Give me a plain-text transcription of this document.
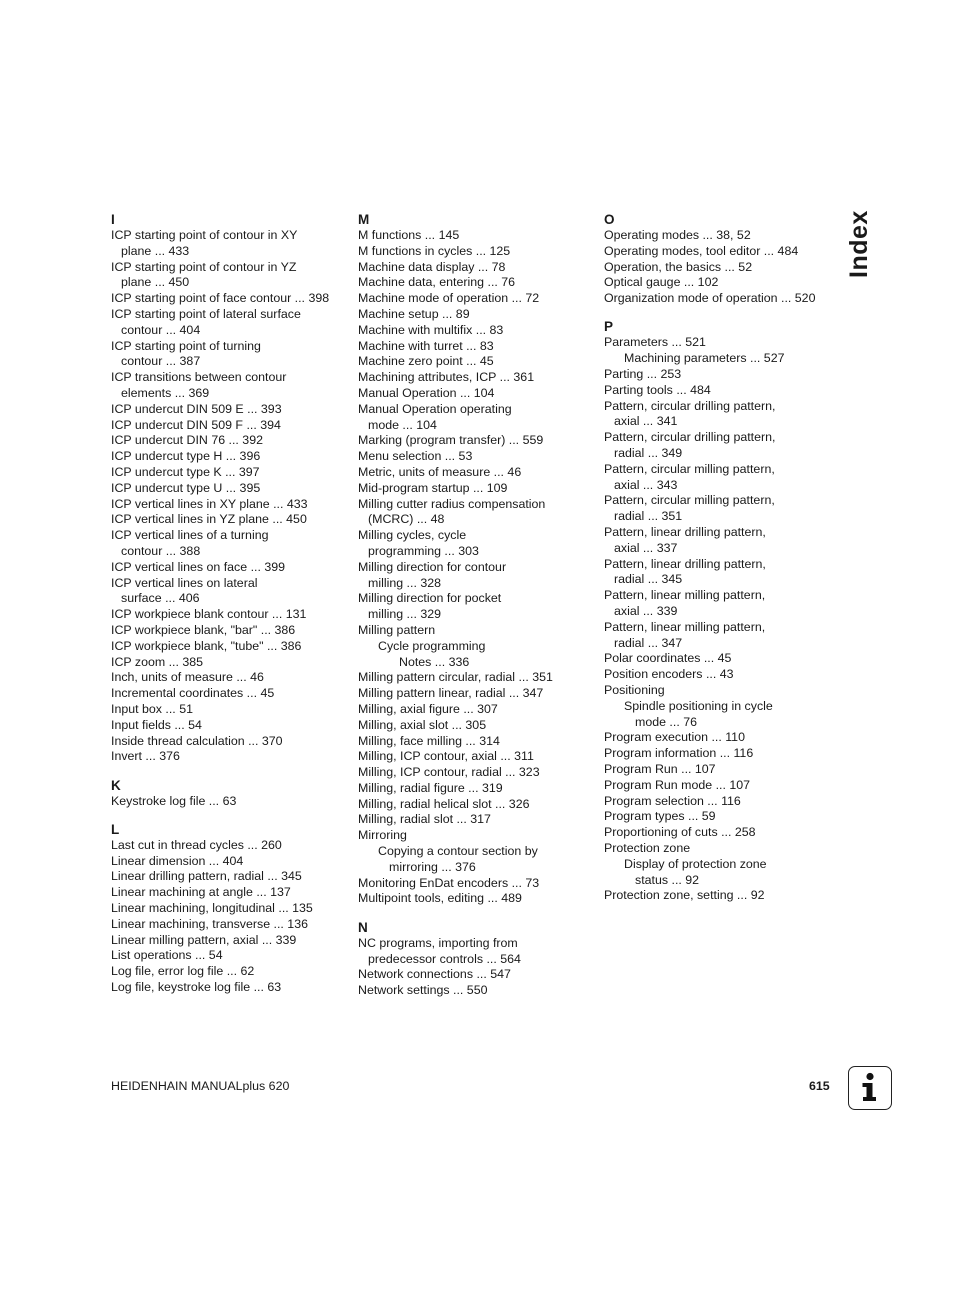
I
ICP starting point of contour in XY
plane ... 433
ICP starting point of contour in YZ
plane ... 450
ICP starting point of face contour ... 398
ICP starting point of lateral surface
contour ... 404
ICP starting point of turning
contour ... 387
ICP transitions between contour
elements ... 369
ICP undercut DIN 509 E ... 393
ICP undercut DIN 509 F ... 394
ICP undercut DIN 76 ... 392
ICP undercut type H ... 396
ICP undercut type K ... 397
ICP undercut type U ... 395
ICP vertical lines in XY plane ... 433
ICP vertical lines in YZ plane ... 450
ICP vertical lines of a turning
contour ... 388
ICP vertical lines on face ... 399
ICP vertical lines on lateral
surface ... 406
ICP workpiece blank contour ... 131
ICP workpiece blank, "bar" ... 386
ICP workpiece blank, "tube" ... 386
ICP zoom ... 385
Inch, units of measure ... 46
Incremental coordinates ... 45
Input box ... 51
Input fields ... 54
Inside thread calculation ... 370
Invert ... 376
K
Keystroke log file ... 63
L
Last cut in thread cycles ... 260
Linear dimension ... 404
Linear drilling pattern, radial ... 345
Linear machining at angle ... 137
Linear machining, longitudinal ... 135
Linear machining, transverse ... 136
Linear milling pattern, axial ... 339
List operations ... 54
Log file, error log file ... 62
Log file, keystroke log file ... 63
M
M functions ... 145
M functions in cycles ... 125
Machine data display ... 78
Machine data, entering ... 76
Machine mode of operation ... 72
Machine setup ... 89
Machine with multifix ... 83
Machine with turret ... 83
Machine zero point ... 45
Machining attributes, ICP ... 361
Manual Operation ... 104
Manual Operation operating
mode ... 104
Marking (program transfer) ... 559
Menu selection ... 53
Metric, units of measure ... 46
Mid-program startup ... 109
Milling cutter radius compensation
(MCRC) ... 48
Milling cycles, cycle
programming ... 303
Milling direction for contour
milling ... 328
Milling direction for pocket
milling ... 329
Milling pattern
Cycle programming
Notes ... 336
Milling pattern circular, radial ... 351
Milling pattern linear, radial ... 347
Milling, axial figure ... 307
Milling, axial slot ... 305
Milling, face milling ... 314
Milling, ICP contour, axial ... 311
Milling, ICP contour, radial ... 323
Milling, radial figure ... 319
Milling, radial helical slot ... 326
Milling, radial slot ... 317
Mirroring
Copying a contour section by
mirroring ... 376
Monitoring EnDat encoders ... 73
Multipoint tools, editing ... 489
N
NC programs, importing from
predecessor controls ... 564
Network connections ... 547
Network settings ... 550
O
Operating modes ... 38, 52
Operating modes, tool editor ... 484
Operation, the basics ... 52
Optical gauge ... 102
Organization mode of operation ... 520
P
Parameters ... 521
Machining parameters ... 527
Parting ... 253
Parting tools ... 484
Pattern, circular drilling pattern,
axial ... 341
Pattern, circular drilling pattern,
radial ... 349
Pattern, circular milling pattern,
axial ... 343
Pattern, circular milling pattern,
radial ... 351
Pattern, linear drilling pattern,
axial ... 337
Pattern, linear drilling pattern,
radial ... 345
Pattern, linear milling pattern,
axial ... 339
Pattern, linear milling pattern,
radial ... 347
Polar coordinates ... 45
Position encoders ... 43
Positioning
Spindle positioning in cycle
mode ... 76
Program execution ... 110
Program information ... 116
Program Run ... 107
Program Run mode ... 107
Program selection ... 116
Program types ... 59
Proportioning of cuts ... 258
Protection zone
Display of protection zone
status ... 92
Protection zone, setting ... 92
Index
HEIDENHAIN MANUALplus 620	615
